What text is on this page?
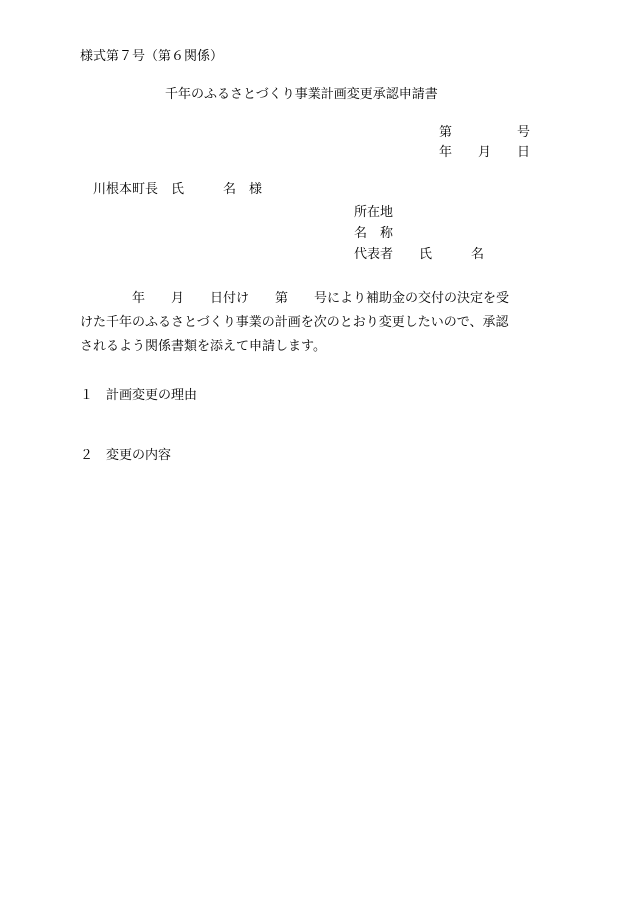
様式第７号（第６関係）
千年のふるさとづくり事業計画変更承認申請書
第　　　　　号
年　　月　　日
川根本町長　氏　　　名　様
所在地
名　称
代表者　　氏　　　名
　　　　年　　月　　日付け　　第　　号により補助金の交付の決定を受
けた千年のふるさとづくり事業の計画を次のとおり変更したいので、承認
されるよう関係書類を添えて申請します。
１　計画変更の理由
２　変更の内容
